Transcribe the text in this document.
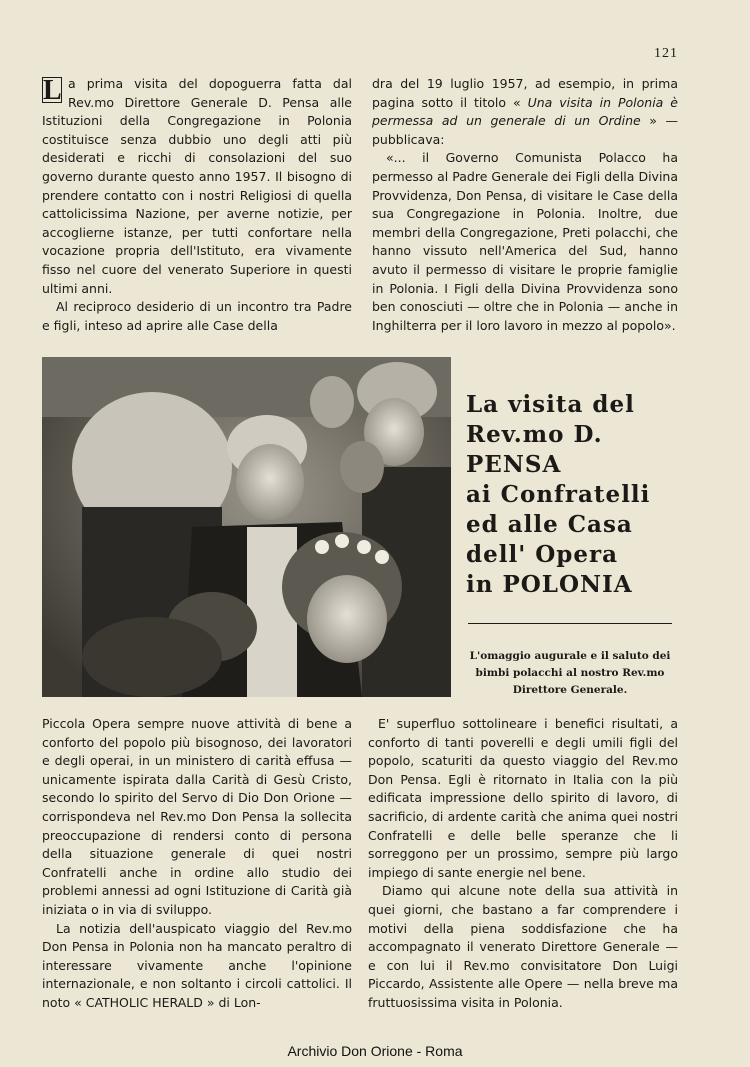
121

L a prima visita del dopoguerra fatta dal Rev.mo Direttore Generale D. Pensa alle Istituzioni della Congregazione in Polonia costituisce senza dubbio uno degli atti più desiderati e ricchi di consolazioni del suo governo durante questo anno 1957. Il bisogno di prendere contatto con i nostri Religiosi di quella cattolicissima Nazione, per averne notizie, per accoglierne istanze, per tutti confortare nella vocazione propria dell'Istituto, era vivamente fisso nel cuore del venerato Superiore in questi ultimi anni.

Al reciproco desiderio di un incontro tra Padre e figli, inteso ad aprire alle Case della

dra del 19 luglio 1957, ad esempio, in prima pagina sotto il titolo « Una visita in Polonia è permessa ad un generale di un Ordine » — pubblicava:

«... il Governo Comunista Polacco ha permesso al Padre Generale dei Figli della Divina Provvidenza, Don Pensa, di visitare le Case della sua Congregazione in Polonia. Inoltre, due membri della Congregazione, Preti polacchi, che hanno vissuto nell'America del Sud, hanno avuto il permesso di visitare le proprie famiglie in Polonia. I Figli della Divina Provvidenza sono ben conosciuti — oltre che in Polonia — anche in Inghilterra per il loro lavoro in mezzo al popolo».

La visita del
Rev.mo D. PENSA
ai Confratelli
ed alle Casa
dell' Opera
in POLONIA
L'omaggio augurale e il saluto dei bimbi polacchi al nostro Rev.mo Direttore Generale.

Piccola Opera sempre nuove attività di bene a conforto del popolo più bisognoso, dei lavoratori e degli operai, in un ministero di carità effusa — unicamente ispirata dalla Carità di Gesù Cristo, secondo lo spirito del Servo di Dio Don Orione — corrispondeva nel Rev.mo Don Pensa la sollecita preoccupazione di rendersi conto di persona della situazione generale di quei nostri Confratelli anche in ordine allo studio dei problemi annessi ad ogni Istituzione di Carità già iniziata o in via di sviluppo.

La notizia dell'auspicato viaggio del Rev.mo Don Pensa in Polonia non ha mancato peraltro di interessare vivamente anche l'opinione internazionale, e non soltanto i circoli cattolici. Il noto « CATHOLIC HERALD » di Lon-

E' superfluo sottolineare i benefici risultati, a conforto di tanti poverelli e degli umili figli del popolo, scaturiti da questo viaggio del Rev.mo Don Pensa. Egli è ritornato in Italia con la più edificata impressione dello spirito di lavoro, di sacrificio, di ardente carità che anima quei nostri Confratelli e delle belle speranze che li sorreggono per un prossimo, sempre più largo impiego di sante energie nel bene.

Diamo qui alcune note della sua attività in quei giorni, che bastano a far comprendere i motivi della piena soddisfazione che ha accompagnato il venerato Direttore Generale — e con lui il Rev.mo convisitatore Don Luigi Piccardo, Assistente alle Opere — nella breve ma fruttuosissima visita in Polonia.

Archivio Don Orione - Roma
